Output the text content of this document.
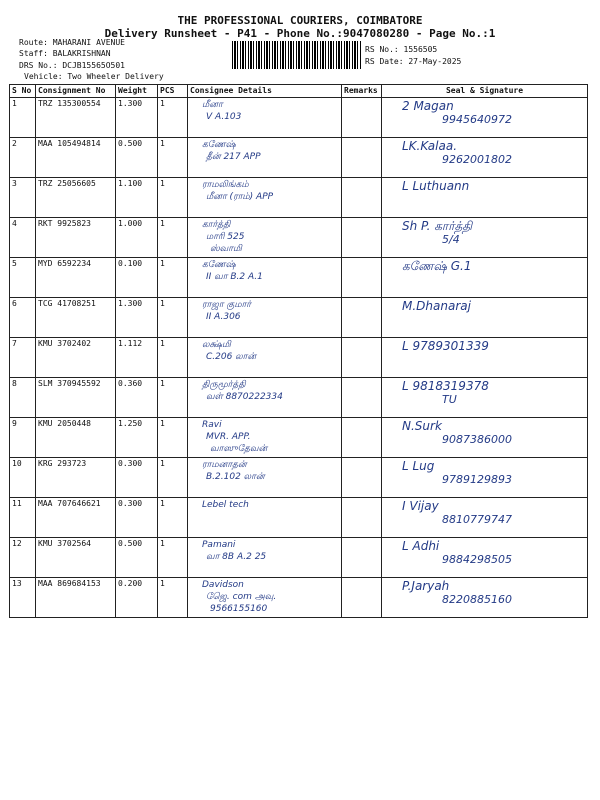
THE PROFESSIONAL COURIERS, COIMBATORE
Delivery Runsheet - P41 - Phone No.:9047080280 - Page No.:1
Route: MAHARANI AVENUE
Staff: BALAKRISHNAN
DRS No.: DCJB15565O501
Vehicle: Two Wheeler Delivery
RS No.: 1556505
RS Date: 27-May-2025
S No	Consignment No	Weight	PCS	Consignee Details	Remarks	Seal & Signature
1	TRZ 135300554	1.300	1	மீனா
V A.103		2 Magan
9945640972

2	MAA 105494814	0.500	1	கணேஷ்
தீன் 217 APP		LK.Kalaa.
9262001802

3	TRZ 25056605	1.100	1	ராமலிங்கம்
மீனா (ராம்) APP		L Luthuann

4	RKT 9925823	1.000	1	கார்த்தி
மாரி 525
ஸ்வாமி		Sh P. கார்த்தி
5/4

5	MYD 6592234	0.100	1	கணேஷ்
II வா B.2 A.1		கணேஷ் G.1

6	TCG 41708251	1.300	1	ராஜா குமார்
II A.306		M.Dhanaraj

7	KMU 3702402	1.112	1	லக்ஷ்மி
C.206 லான்		L 9789301339

8	SLM 370945592	0.360	1	திருமூர்த்தி
வள் 8870222334		L 9818319378
TU

9	KMU 2050448	1.250	1	Ravi
MVR. APP.
வாஸுதேவன்		N.Surk
9087386000

10	KRG 293723	0.300	1	ராமனாதன்
B.2.102 லான்		L Lug
9789129893

11	MAA 707646621	0.300	1	Lebel tech		I Vijay
8810779747

12	KMU 3702564	0.500	1	Pamani
வா 8B A.2 25		L Adhi
9884298505

13	MAA 869684153	0.200	1	Davidson
ஜெே. com அவு.
9566155160		P.Jaryah
8220885160
